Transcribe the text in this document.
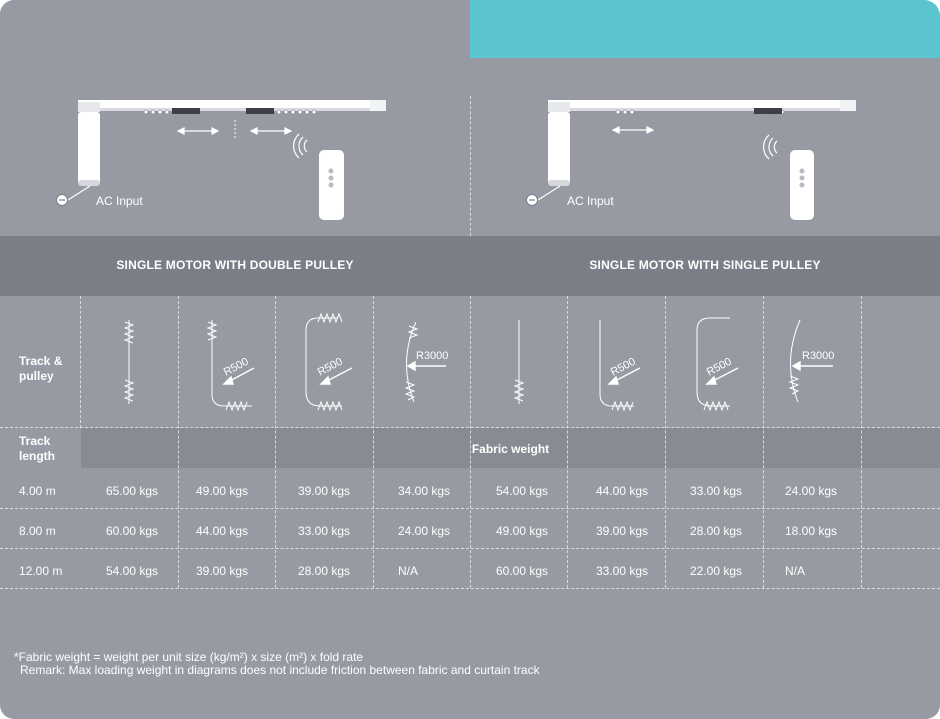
AC Input	AC Input
SINGLE MOTOR WITH DOUBLE PULLEY	SINGLE MOTOR WITH SINGLE PULLEY
Fabric weight
Track & pulley
Track length
R500	R500	R3000	R500	R500	R3000
4.00 m	65.00 kgs	49.00 kgs	39.00 kgs	34.00 kgs	54.00 kgs	44.00 kgs	33.00 kgs	24.00 kgs
8.00 m	60.00 kgs	44.00 kgs	33.00 kgs	24.00 kgs	49.00 kgs	39.00 kgs	28.00 kgs	18.00 kgs
12.00 m	54.00 kgs	39.00 kgs	28.00 kgs	N/A	60.00 kgs	33.00 kgs	22.00 kgs	N/A
*Fabric weight = weight per unit size (kg/m²) x size (m²) x fold rate
Remark: Max loading weight in diagrams does not include friction between fabric and curtain track
